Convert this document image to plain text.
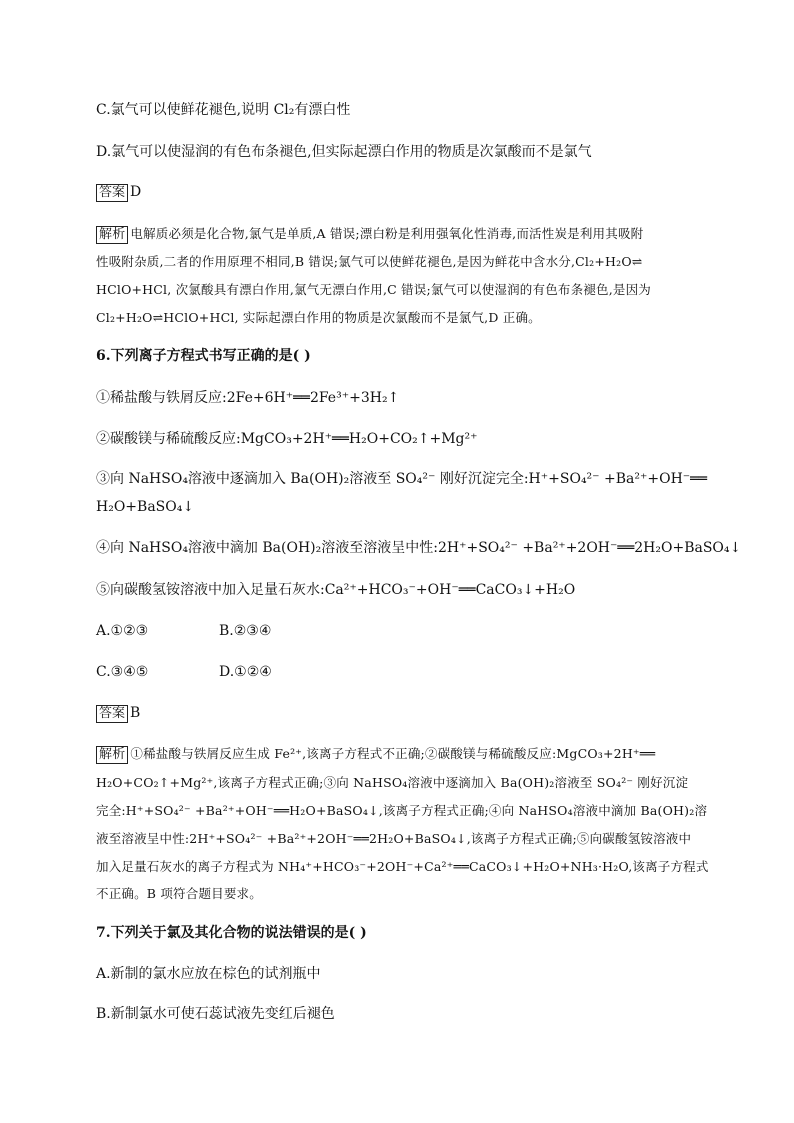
C.氯气可以使鲜花褪色,说明 Cl₂有漂白性
D.氯气可以使湿润的有色布条褪色,但实际起漂白作用的物质是次氯酸而不是氯气
答案 D
解析 电解质必须是化合物,氯气是单质,A 错误;漂白粉是利用强氧化性消毒,而活性炭是利用其吸附
性吸附杂质,二者的作用原理不相同,B 错误;氯气可以使鲜花褪色,是因为鲜花中含水分,Cl₂+H₂O⇌
HClO+HCl, 次氯酸具有漂白作用,氯气无漂白作用,C 错误;氯气可以使湿润的有色布条褪色,是因为
Cl₂+H₂O⇌HClO+HCl, 实际起漂白作用的物质是次氯酸而不是氯气,D 正确。
6.下列离子方程式书写正确的是( )
①稀盐酸与铁屑反应:2Fe+6H⁺══2Fe³⁺+3H₂↑
②碳酸镁与稀硫酸反应:MgCO₃+2H⁺══H₂O+CO₂↑+Mg²⁺
③向 NaHSO₄溶液中逐滴加入 Ba(OH)₂溶液至 SO₄²⁻ 刚好沉淀完全:H⁺+SO₄²⁻ +Ba²⁺+OH⁻══
H₂O+BaSO₄↓
④向 NaHSO₄溶液中滴加 Ba(OH)₂溶液至溶液呈中性:2H⁺+SO₄²⁻ +Ba²⁺+2OH⁻══2H₂O+BaSO₄↓
⑤向碳酸氢铵溶液中加入足量石灰水:Ca²⁺+HCO₃⁻+OH⁻══CaCO₃↓+H₂O
A.①②③	B.②③④
C.③④⑤	D.①②④
答案 B
解析 ①稀盐酸与铁屑反应生成 Fe²⁺,该离子方程式不正确;②碳酸镁与稀硫酸反应:MgCO₃+2H⁺══
H₂O+CO₂↑+Mg²⁺,该离子方程式正确;③向 NaHSO₄溶液中逐滴加入 Ba(OH)₂溶液至 SO₄²⁻ 刚好沉淀
完全:H⁺+SO₄²⁻ +Ba²⁺+OH⁻══H₂O+BaSO₄↓,该离子方程式正确;④向 NaHSO₄溶液中滴加 Ba(OH)₂溶
液至溶液呈中性:2H⁺+SO₄²⁻ +Ba²⁺+2OH⁻══2H₂O+BaSO₄↓,该离子方程式正确;⑤向碳酸氢铵溶液中
加入足量石灰水的离子方程式为 NH₄⁺+HCO₃⁻+2OH⁻+Ca²⁺══CaCO₃↓+H₂O+NH₃·H₂O,该离子方程式
不正确。B 项符合题目要求。
7.下列关于氯及其化合物的说法错误的是( )
A.新制的氯水应放在棕色的试剂瓶中
B.新制氯水可使石蕊试液先变红后褪色
